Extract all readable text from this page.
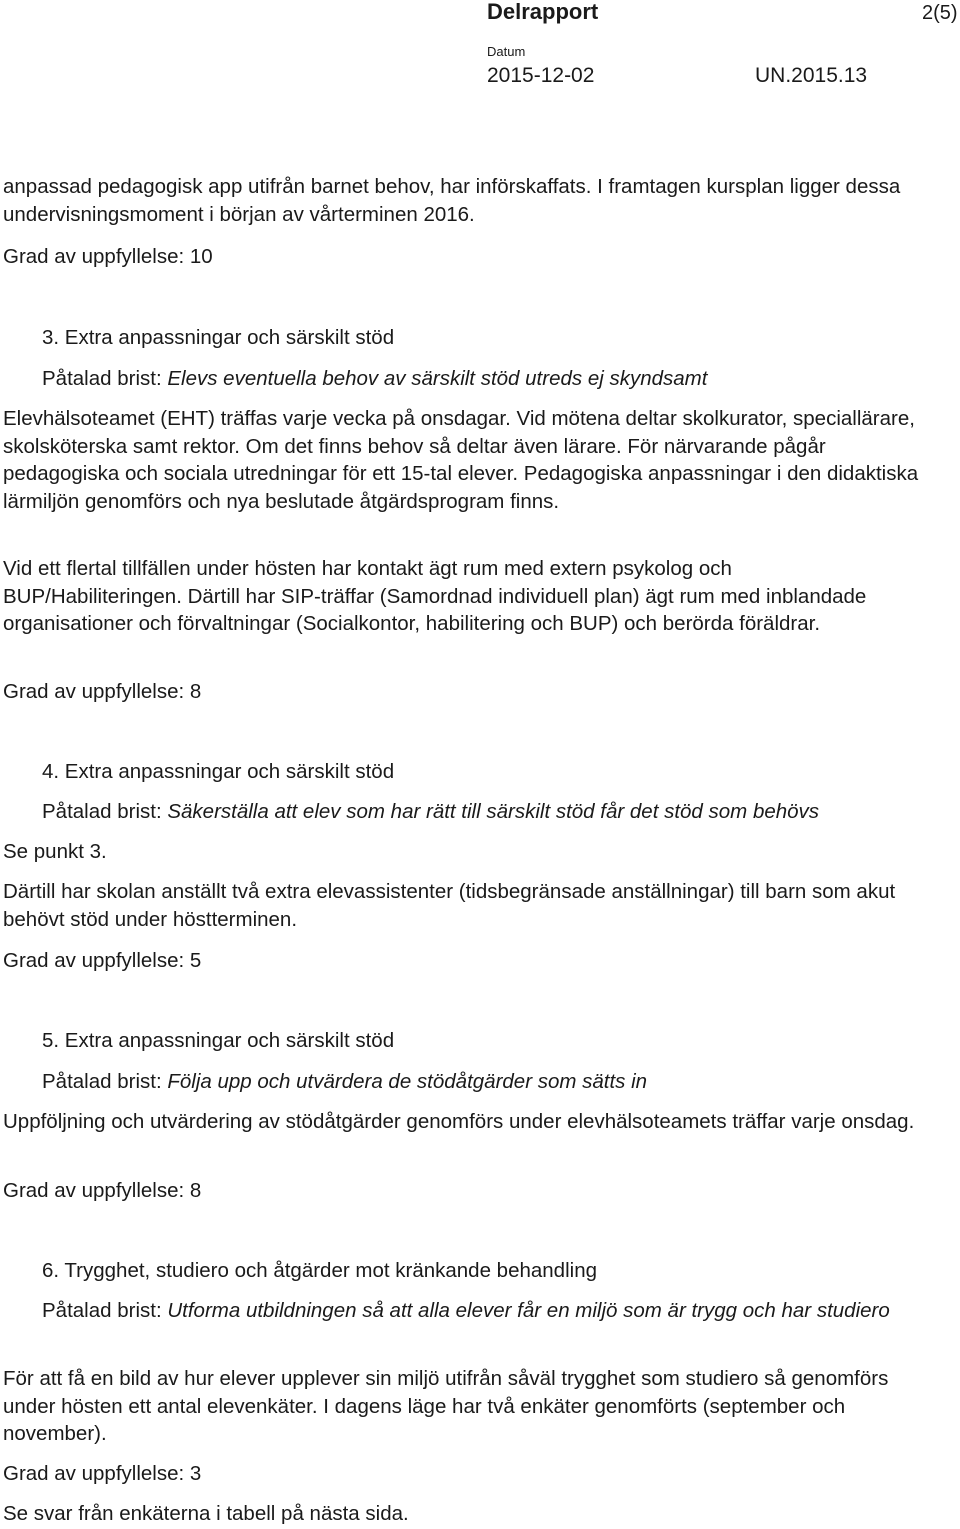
Delrapport	2(5)
Datum
2015-12-02	UN.2015.13

anpassad pedagogisk app utifrån barnet behov, har införskaffats. I framtagen kursplan ligger dessa undervisningsmoment i början av vårterminen 2016.

Grad av uppfyllelse: 10
3. Extra anpassningar och särskilt stöd
Påtalad brist: Elevs eventuella behov av särskilt stöd utreds ej skyndsamt

Elevhälsoteamet (EHT) träffas varje vecka på onsdagar. Vid mötena deltar skolkurator, speciallärare, skolsköterska samt rektor. Om det finns behov så deltar även lärare. För närvarande pågår pedagogiska och sociala utredningar för ett 15-tal elever. Pedagogiska anpassningar i den didaktiska lärmiljön genomförs och nya beslutade åtgärdsprogram finns.

Vid ett flertal tillfällen under hösten har kontakt ägt rum med extern psykolog och BUP/Habiliteringen. Därtill har SIP-träffar (Samordnad individuell plan) ägt rum med inblandade organisationer och förvaltningar (Socialkontor, habilitering och BUP) och berörda föräldrar.

Grad av uppfyllelse: 8
4. Extra anpassningar och särskilt stöd
Påtalad brist: Säkerställa att elev som har rätt till särskilt stöd får det stöd som behövs
Se punkt 3.

Därtill har skolan anställt två extra elevassistenter (tidsbegränsade anställningar) till barn som akut behövt stöd under höstterminen.

Grad av uppfyllelse: 5
5. Extra anpassningar och särskilt stöd
Påtalad brist: Följa upp och utvärdera de stödåtgärder som sätts in

Uppföljning och utvärdering av stödåtgärder genomförs under elevhälsoteamets träffar varje onsdag.

Grad av uppfyllelse: 8
6. Trygghet, studiero och åtgärder mot kränkande behandling
Påtalad brist: Utforma utbildningen så att alla elever får en miljö som är trygg och har studiero

För att få en bild av hur elever upplever sin miljö utifrån såväl trygghet som studiero så genomförs under hösten ett antal elevenkäter. I dagens läge har två enkäter genomförts (september och november).

Grad av uppfyllelse: 3
Se svar från enkäterna i tabell på nästa sida.
